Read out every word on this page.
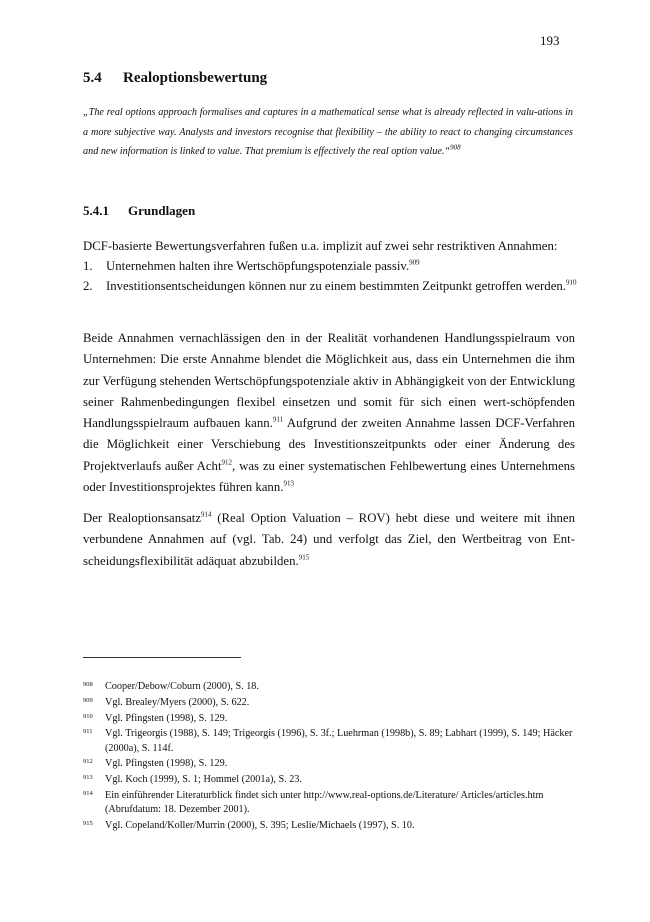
193
5.4 Realoptionsbewertung
„The real options approach formalises and captures in a mathematical sense what is already reflected in valu-ations in a more subjective way. Analysts and investors recognise that flexibility – the ability to react to changing circumstances and new information is linked to value. That premium is effectively the real option value.“$^{908}$
5.4.1 Grundlagen
DCF-basierte Bewertungsverfahren fußen u.a. implizit auf zwei sehr restriktiven Annahmen:
1. Unternehmen halten ihre Wertschöpfungspotenziale passiv.$^{909}$
2. Investitionsentscheidungen können nur zu einem bestimmten Zeitpunkt getroffen werden.$^{910}$

Beide Annahmen vernachlässigen den in der Realität vorhandenen Handlungsspielraum von Unternehmen: Die erste Annahme blendet die Möglichkeit aus, dass ein Unternehmen die ihm zur Verfügung stehenden Wertschöpfungspotenziale aktiv in Abhängigkeit von der Entwicklung seiner Rahmenbedingungen flexibel einsetzen und somit für sich einen wert-schöpfenden Handlungsspielraum aufbauen kann.$^{911}$ Aufgrund der zweiten Annahme lassen DCF-Verfahren die Möglichkeit einer Verschiebung des Investitionszeitpunkts oder einer Änderung des Projektverlaufs außer Acht$^{912}$, was zu einer systematischen Fehlbewertung eines Unternehmens oder Investitionsprojektes führen kann.$^{913}$

Der Realoptionsansatz$^{914}$ (Real Option Valuation – ROV) hebt diese und weitere mit ihnen verbundene Annahmen auf (vgl. Tab. 24) und verfolgt das Ziel, den Wertbeitrag von Ent-scheidungsflexibilität adäquat abzubilden.$^{915}$

908 Cooper/Debow/Coburn (2000), S. 18.
909 Vgl. Brealey/Myers (2000), S. 622.
910 Vgl. Pfingsten (1998), S. 129.
911 Vgl. Trigeorgis (1988), S. 149; Trigeorgis (1996), S. 3f.; Luehrman (1998b), S. 89; Labhart (1999), S. 149; Häcker (2000a), S. 114f.
912 Vgl. Pfingsten (1998), S. 129.
913 Vgl. Koch (1999), S. 1; Hommel (2001a), S. 23.
914 Ein einführender Literaturblick findet sich unter http://www.real-options.de/Literature/ Articles/articles.htm (Abrufdatum: 18. Dezember 2001).
915 Vgl. Copeland/Koller/Murrin (2000), S. 395; Leslie/Michaels (1997), S. 10.
